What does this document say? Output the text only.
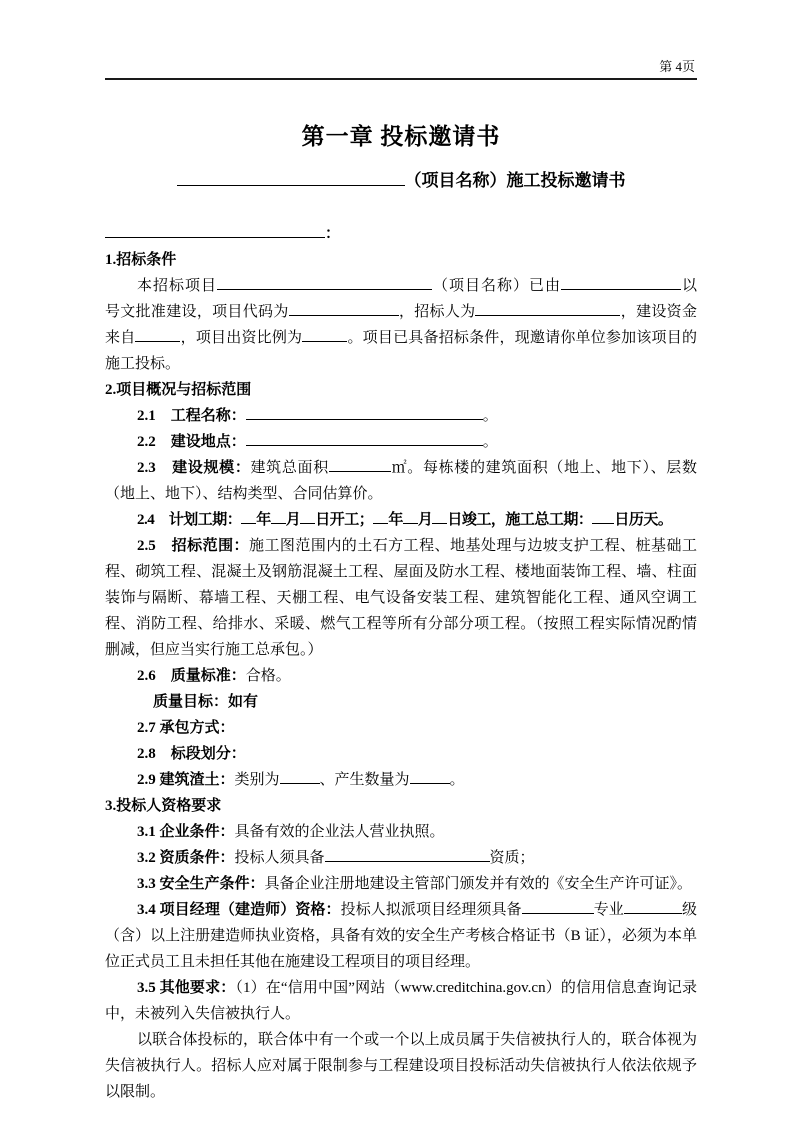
第 4页
第一章 投标邀请书
（项目名称）施工投标邀请书

：

1.招标条件

本招标项目	（项目名称）已由	以号文批准建设，项目代码为	，招标人为	，建设资金来自	，项目出资比例为	。项目已具备招标条件，现邀请你单位参加该项目的施工投标。

2.项目概况与招标范围

2.1　工程名称：	。

2.2　建设地点：	。

2.3　建设规模：建筑总面积	㎡。每栋楼的建筑面积（地上、地下）、层数（地上、地下）、结构类型、合同估算价。

2.4　计划工期： 年 月 日开工； 年 月 日竣工，施工总工期： 日历天。

2.5　招标范围：施工图范围内的土石方工程、地基处理与边坡支护工程、桩基础工程、砌筑工程、混凝土及钢筋混凝土工程、屋面及防水工程、楼地面装饰工程、墙、柱面装饰与隔断、幕墙工程、天棚工程、电气设备安装工程、建筑智能化工程、通风空调工程、消防工程、给排水、采暖、燃气工程等所有分部分项工程。（按照工程实际情况酌情删减，但应当实行施工总承包。）

2.6　质量标准：合格。

质量目标：如有

2.7 承包方式：

2.8　标段划分：

2.9 建筑渣土：类别为	、产生数量为	。

3.投标人资格要求

3.1 企业条件：具备有效的企业法人营业执照。

3.2 资质条件：投标人须具备	资质；

3.3 安全生产条件：具备企业注册地建设主管部门颁发并有效的《安全生产许可证》。

3.4 项目经理（建造师）资格：投标人拟派项目经理须具备	专业	级（含）以上注册建造师执业资格，具备有效的安全生产考核合格证书（B 证），必须为本单位正式员工且未担任其他在施建设工程项目的项目经理。

3.5 其他要求：（1）在“信用中国”网站（www.creditchina.gov.cn）的信用信息查询记录中，未被列入失信被执行人。

以联合体投标的，联合体中有一个或一个以上成员属于失信被执行人的，联合体视为失信被执行人。招标人应对属于限制参与工程建设项目投标活动失信被执行人依法依规予以限制。
